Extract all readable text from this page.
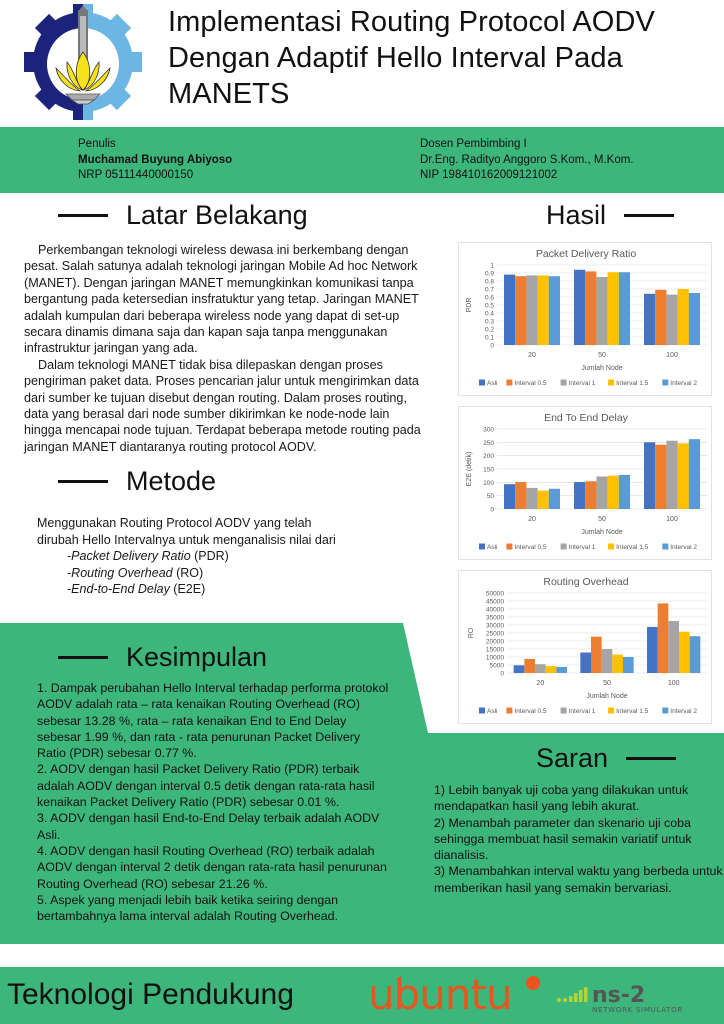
Implementasi Routing Protocol AODV
Dengan Adaptif Hello Interval Pada
MANETS
Penulis
Muchamad Buyung Abiyoso
NRP 05111440000150
Dosen Pembimbing I
Dr.Eng. Radityo Anggoro S.Kom., M.Kom.
NIP 198410162009121002
Latar Belakang

Perkembangan teknologi wireless dewasa ini berkembang dengan pesat. Salah satunya adalah teknologi jaringan Mobile Ad hoc Network (MANET). Dengan jaringan MANET memungkinkan komunikasi tanpa bergantung pada ketersedian insfratuktur yang tetap. Jaringan MANET adalah kumpulan dari beberapa wireless node yang dapat di set-up secara dinamis dimana saja dan kapan saja tanpa menggunakan infrastruktur jaringan yang ada.

Dalam teknologi MANET tidak bisa dilepaskan dengan proses pengiriman paket data. Proses pencarian jalur untuk mengirimkan data dari sumber ke tujuan disebut dengan routing. Dalam proses routing, data yang berasal dari node sumber dikirimkan ke node-node lain hingga mencapai node tujuan. Terdapat beberapa metode routing pada jaringan MANET diantaranya routing protocol AODV.

Metode
Menggunakan Routing Protocol AODV yang telah dirubah Hello Intervalnya untuk menganalisis nilai dari
-Packet Delivery Ratio (PDR)
-Routing Overhead (RO)
-End-to-End Delay (E2E)
Kesimpulan
1. Dampak perubahan Hello Interval terhadap performa protokol AODV adalah rata – rata kenaikan Routing Overhead (RO) sebesar 13.28 %, rata – rata kenaikan End to End Delay sebesar 1.99 %, dan rata - rata penurunan Packet Delivery Ratio (PDR) sebesar 0.77 %.
2. AODV dengan hasil Packet Delivery Ratio (PDR) terbaik adalah AODV dengan interval 0.5 detik dengan rata-rata hasil kenaikan Packet Delivery Ratio (PDR) sebesar 0.01 %.
3. AODV dengan hasil End-to-End Delay terbaik adalah AODV Asli.
4. AODV dengan hasil Routing Overhead (RO) terbaik adalah AODV dengan interval 2 detik dengan rata-rata hasil penurunan Routing Overhead (RO) sebesar 21.26 %.
5. Aspek yang menjadi lebih baik ketika seiring dengan bertambahnya lama interval adalah Routing Overhead.
Hasil
Packet Delivery Ratio
PDR
0
0.1
0.2
0.3
0.4
0.5
0.6
0.7
0.8
0.9
1
20	50	100
Jumlah Node
Asli	Interval 0.5	Interval 1	Interval 1.5	Interval 2
End To End Delay
E2E (detik)
0
50
100
150
200
250
300
20	50	100
Jumlah Node
Asli	Interval 0,5	Interval 1	Interval 1,5	Interval 2
Routing Overhead
RO
0
5000
10000
15000
20000
25000
30000
35000
40000
45000
50000
20	50	100
Jumlah Node
Asli	Interval 0.5	Interval 1	Interval 1.5	Interval 2
Saran
1) Lebih banyak uji coba yang dilakukan untuk mendapatkan hasil yang lebih akurat.
2) Menambah parameter dan skenario uji coba sehingga membuat hasil semakin variatif untuk dianalisis.
3) Menambahkan interval waktu yang berbeda untuk memberikan hasil yang semakin bervariasi.
Teknologi Pendukung ubuntu	ns-2
NETWORK SIMULATOR
